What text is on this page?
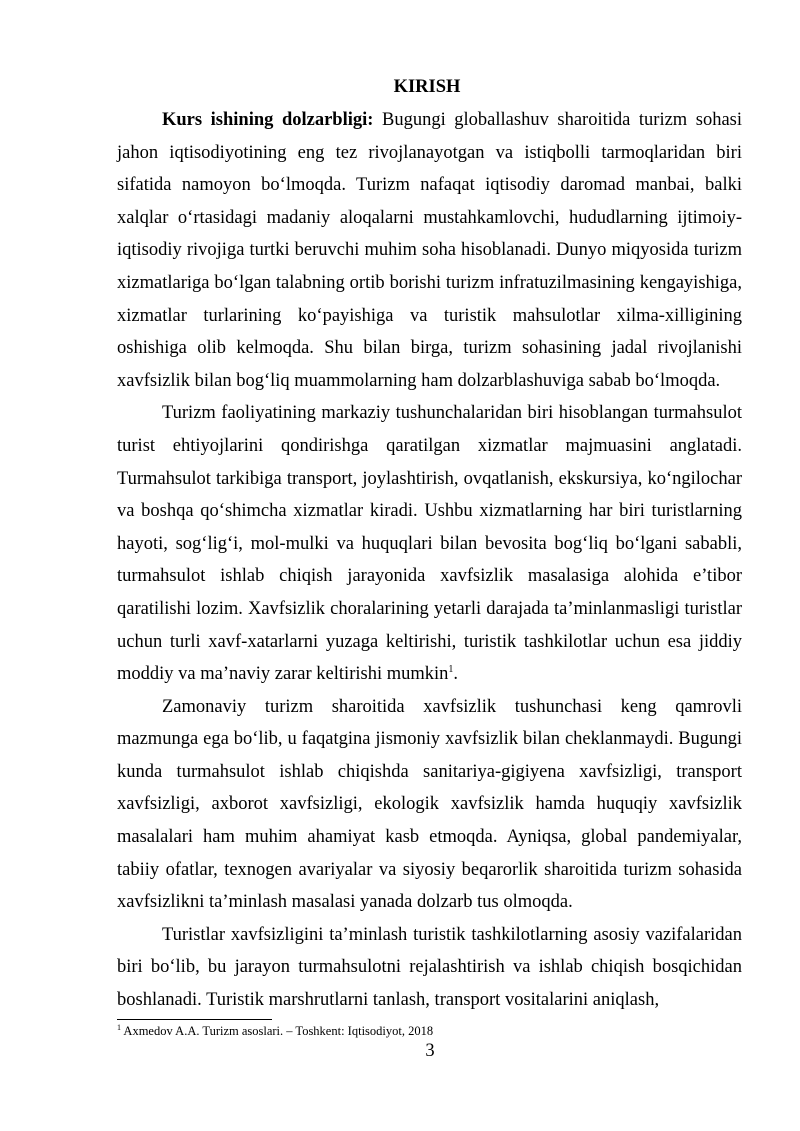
KIRISH

Kurs ishining dolzarbligi: Bugungi globallashuv sharoitida turizm sohasi jahon iqtisodiyotining eng tez rivojlanayotgan va istiqbolli tarmoqlaridan biri sifatida namoyon bo‘lmoqda. Turizm nafaqat iqtisodiy daromad manbai, balki xalqlar o‘rtasidagi madaniy aloqalarni mustahkamlovchi, hududlarning ijtimoiy-iqtisodiy rivojiga turtki beruvchi muhim soha hisoblanadi. Dunyo miqyosida turizm xizmatlariga bo‘lgan talabning ortib borishi turizm infratuzilmasining kengayishiga, xizmatlar turlarining ko‘payishiga va turistik mahsulotlar xilma-xilligining oshishiga olib kelmoqda. Shu bilan birga, turizm sohasining jadal rivojlanishi xavfsizlik bilan bog‘liq muammolarning ham dolzarblashuviga sabab bo‘lmoqda.

Turizm faoliyatining markaziy tushunchalaridan biri hisoblangan turmahsulot turist ehtiyojlarini qondirishga qaratilgan xizmatlar majmuasini anglatadi. Turmahsulot tarkibiga transport, joylashtirish, ovqatlanish, ekskursiya, ko‘ngilochar va boshqa qo‘shimcha xizmatlar kiradi. Ushbu xizmatlarning har biri turistlarning hayoti, sog‘lig‘i, mol-mulki va huquqlari bilan bevosita bog‘liq bo‘lgani sababli, turmahsulot ishlab chiqish jarayonida xavfsizlik masalasiga alohida e’tibor qaratilishi lozim. Xavfsizlik choralarining yetarli darajada ta’minlanmasligi turistlar uchun turli xavf-xatarlarni yuzaga keltirishi, turistik tashkilotlar uchun esa jiddiy moddiy va ma’naviy zarar keltirishi mumkin$^1$.

Zamonaviy turizm sharoitida xavfsizlik tushunchasi keng qamrovli mazmunga ega bo‘lib, u faqatgina jismoniy xavfsizlik bilan cheklanmaydi. Bugungi kunda turmahsulot ishlab chiqishda sanitariya-gigiyena xavfsizligi, transport xavfsizligi, axborot xavfsizligi, ekologik xavfsizlik hamda huquqiy xavfsizlik masalalari ham muhim ahamiyat kasb etmoqda. Ayniqsa, global pandemiyalar, tabiiy ofatlar, texnogen avariyalar va siyosiy beqarorlik sharoitida turizm sohasida xavfsizlikni ta’minlash masalasi yanada dolzarb tus olmoqda.

Turistlar xavfsizligini ta’minlash turistik tashkilotlarning asosiy vazifalaridan biri bo‘lib, bu jarayon turmahsulotni rejalashtirish va ishlab chiqish bosqichidan boshlanadi. Turistik marshrutlarni tanlash, transport vositalarini aniqlash,

$^1$ Axmedov A.A. Turizm asoslari. – Toshkent: Iqtisodiyot, 2018
3
